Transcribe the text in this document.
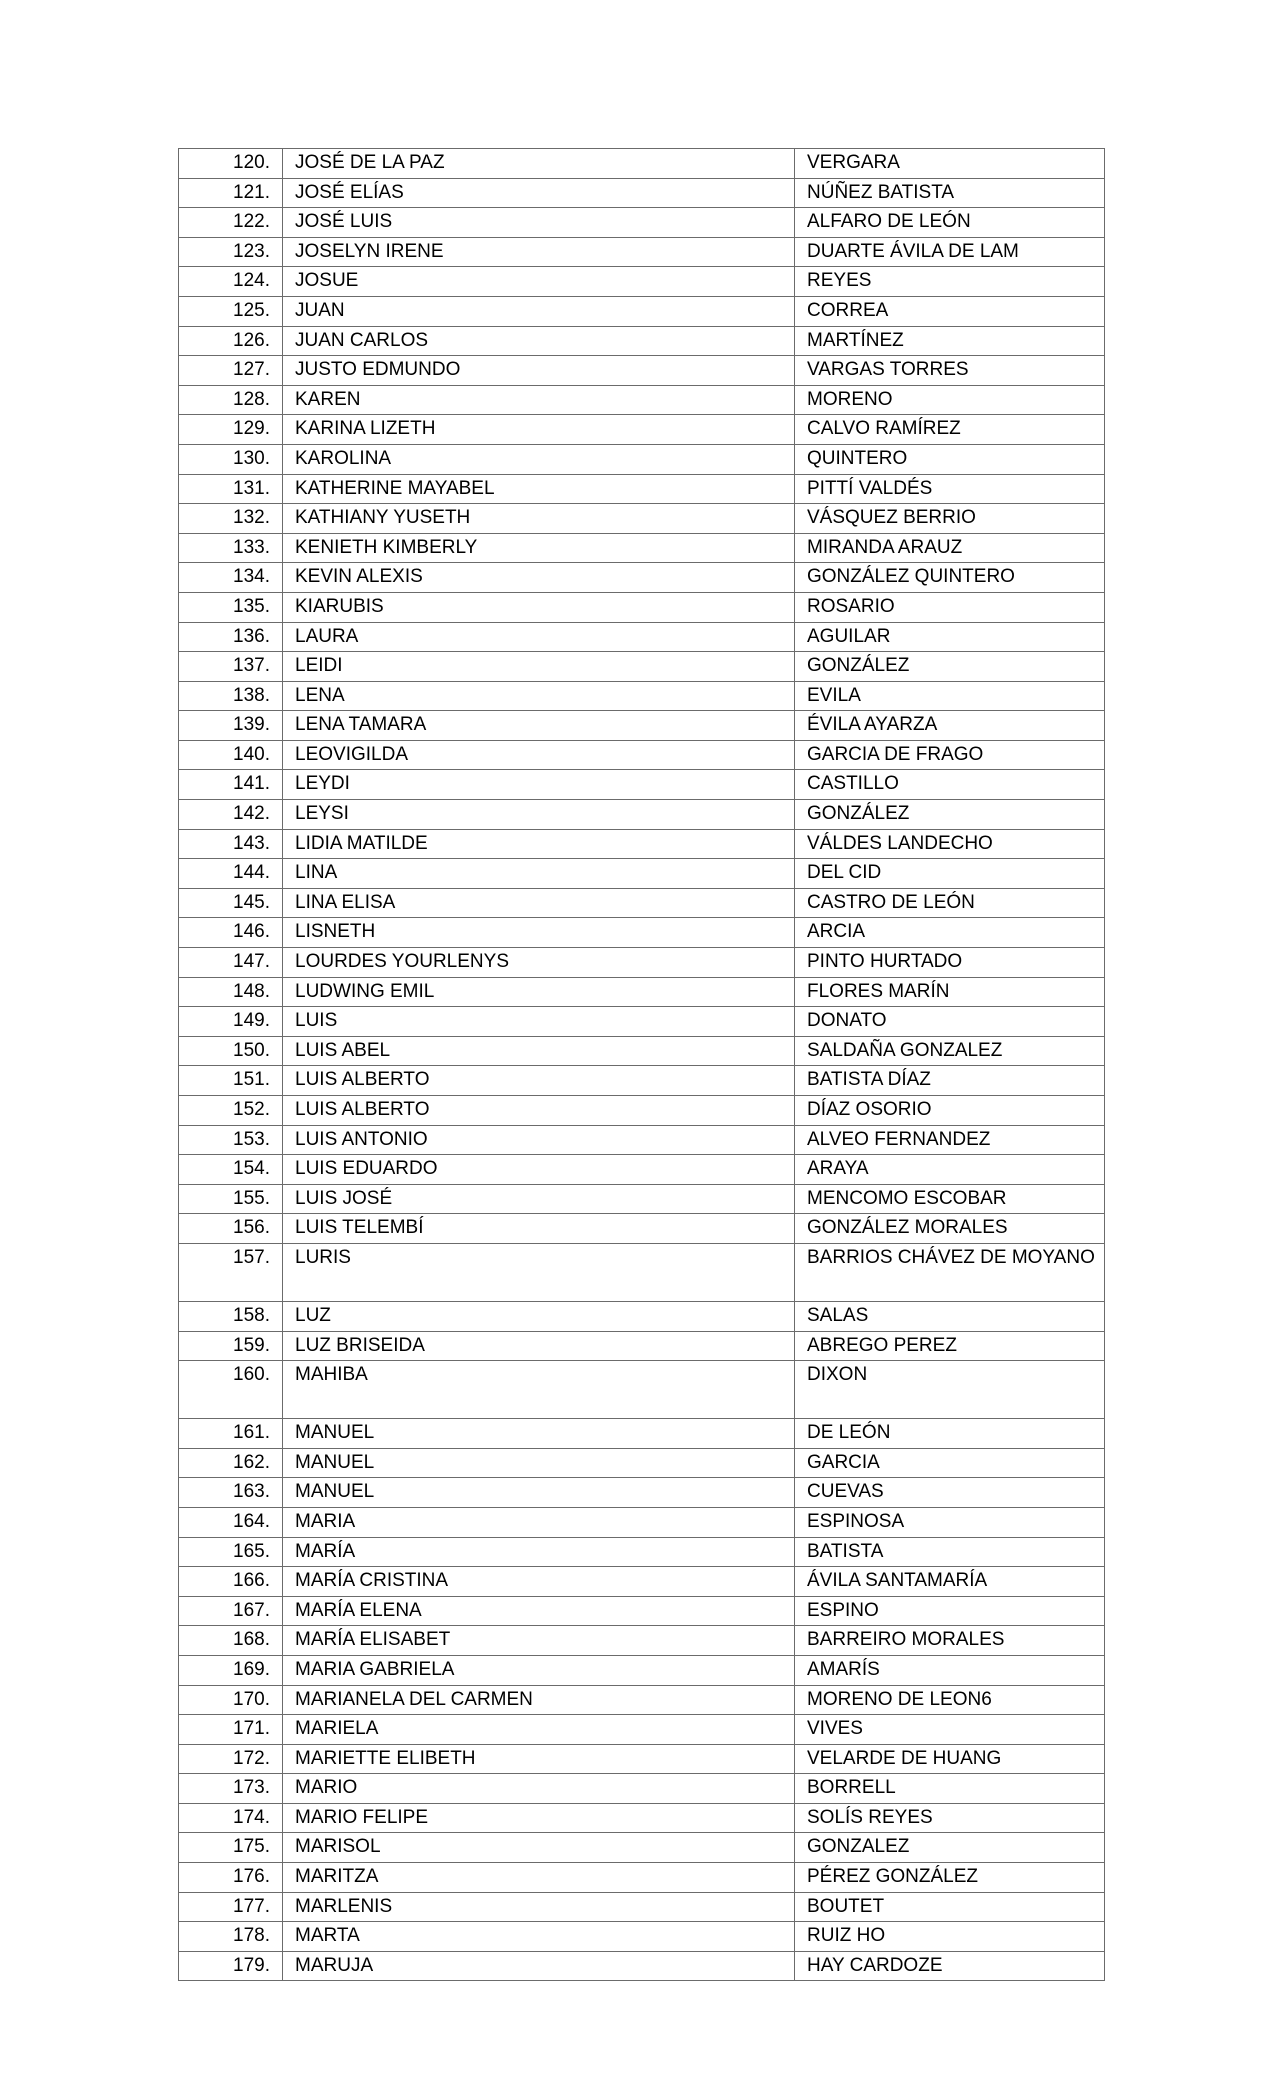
120.	JOSÉ DE LA PAZ	VERGARA
121.	JOSÉ ELÍAS	NÚÑEZ BATISTA
122.	JOSÉ LUIS	ALFARO DE LEÓN
123.	JOSELYN IRENE	DUARTE ÁVILA DE LAM
124.	JOSUE	REYES
125.	JUAN	CORREA
126.	JUAN CARLOS	MARTÍNEZ
127.	JUSTO EDMUNDO	VARGAS TORRES
128.	KAREN	MORENO
129.	KARINA LIZETH	CALVO RAMÍREZ
130.	KAROLINA	QUINTERO
131.	KATHERINE MAYABEL	PITTÍ VALDÉS
132.	KATHIANY YUSETH	VÁSQUEZ BERRIO
133.	KENIETH KIMBERLY	MIRANDA ARAUZ
134.	KEVIN ALEXIS	GONZÁLEZ QUINTERO
135.	KIARUBIS	ROSARIO
136.	LAURA	AGUILAR
137.	LEIDI	GONZÁLEZ
138.	LENA	EVILA
139.	LENA TAMARA	ÉVILA AYARZA
140.	LEOVIGILDA	GARCIA DE FRAGO
141.	LEYDI	CASTILLO
142.	LEYSI	GONZÁLEZ
143.	LIDIA MATILDE	VÁLDES LANDECHO
144.	LINA	DEL CID
145.	LINA ELISA	CASTRO DE LEÓN
146.	LISNETH	ARCIA
147.	LOURDES YOURLENYS	PINTO HURTADO
148.	LUDWING EMIL	FLORES MARÍN
149.	LUIS	DONATO
150.	LUIS ABEL	SALDAÑA GONZALEZ
151.	LUIS ALBERTO	BATISTA DÍAZ
152.	LUIS ALBERTO	DÍAZ OSORIO
153.	LUIS ANTONIO	ALVEO FERNANDEZ
154.	LUIS EDUARDO	ARAYA
155.	LUIS JOSÉ	MENCOMO ESCOBAR
156.	LUIS TELEMBÍ	GONZÁLEZ MORALES
157.	LURIS	BARRIOS CHÁVEZ DE MOYANO
158.	LUZ	SALAS
159.	LUZ BRISEIDA	ABREGO PEREZ
160.	MAHIBA	DIXON
161.	MANUEL	DE LEÓN
162.	MANUEL	GARCIA
163.	MANUEL	CUEVAS
164.	MARIA	ESPINOSA
165.	MARÍA	BATISTA
166.	MARÍA CRISTINA	ÁVILA SANTAMARÍA
167.	MARÍA ELENA	ESPINO
168.	MARÍA ELISABET	BARREIRO MORALES
169.	MARIA GABRIELA	AMARÍS
170.	MARIANELA DEL CARMEN	MORENO DE LEON6
171.	MARIELA	VIVES
172.	MARIETTE ELIBETH	VELARDE DE HUANG
173.	MARIO	BORRELL
174.	MARIO FELIPE	SOLÍS REYES
175.	MARISOL	GONZALEZ
176.	MARITZA	PÉREZ GONZÁLEZ
177.	MARLENIS	BOUTET
178.	MARTA	RUIZ HO
179.	MARUJA	HAY CARDOZE
